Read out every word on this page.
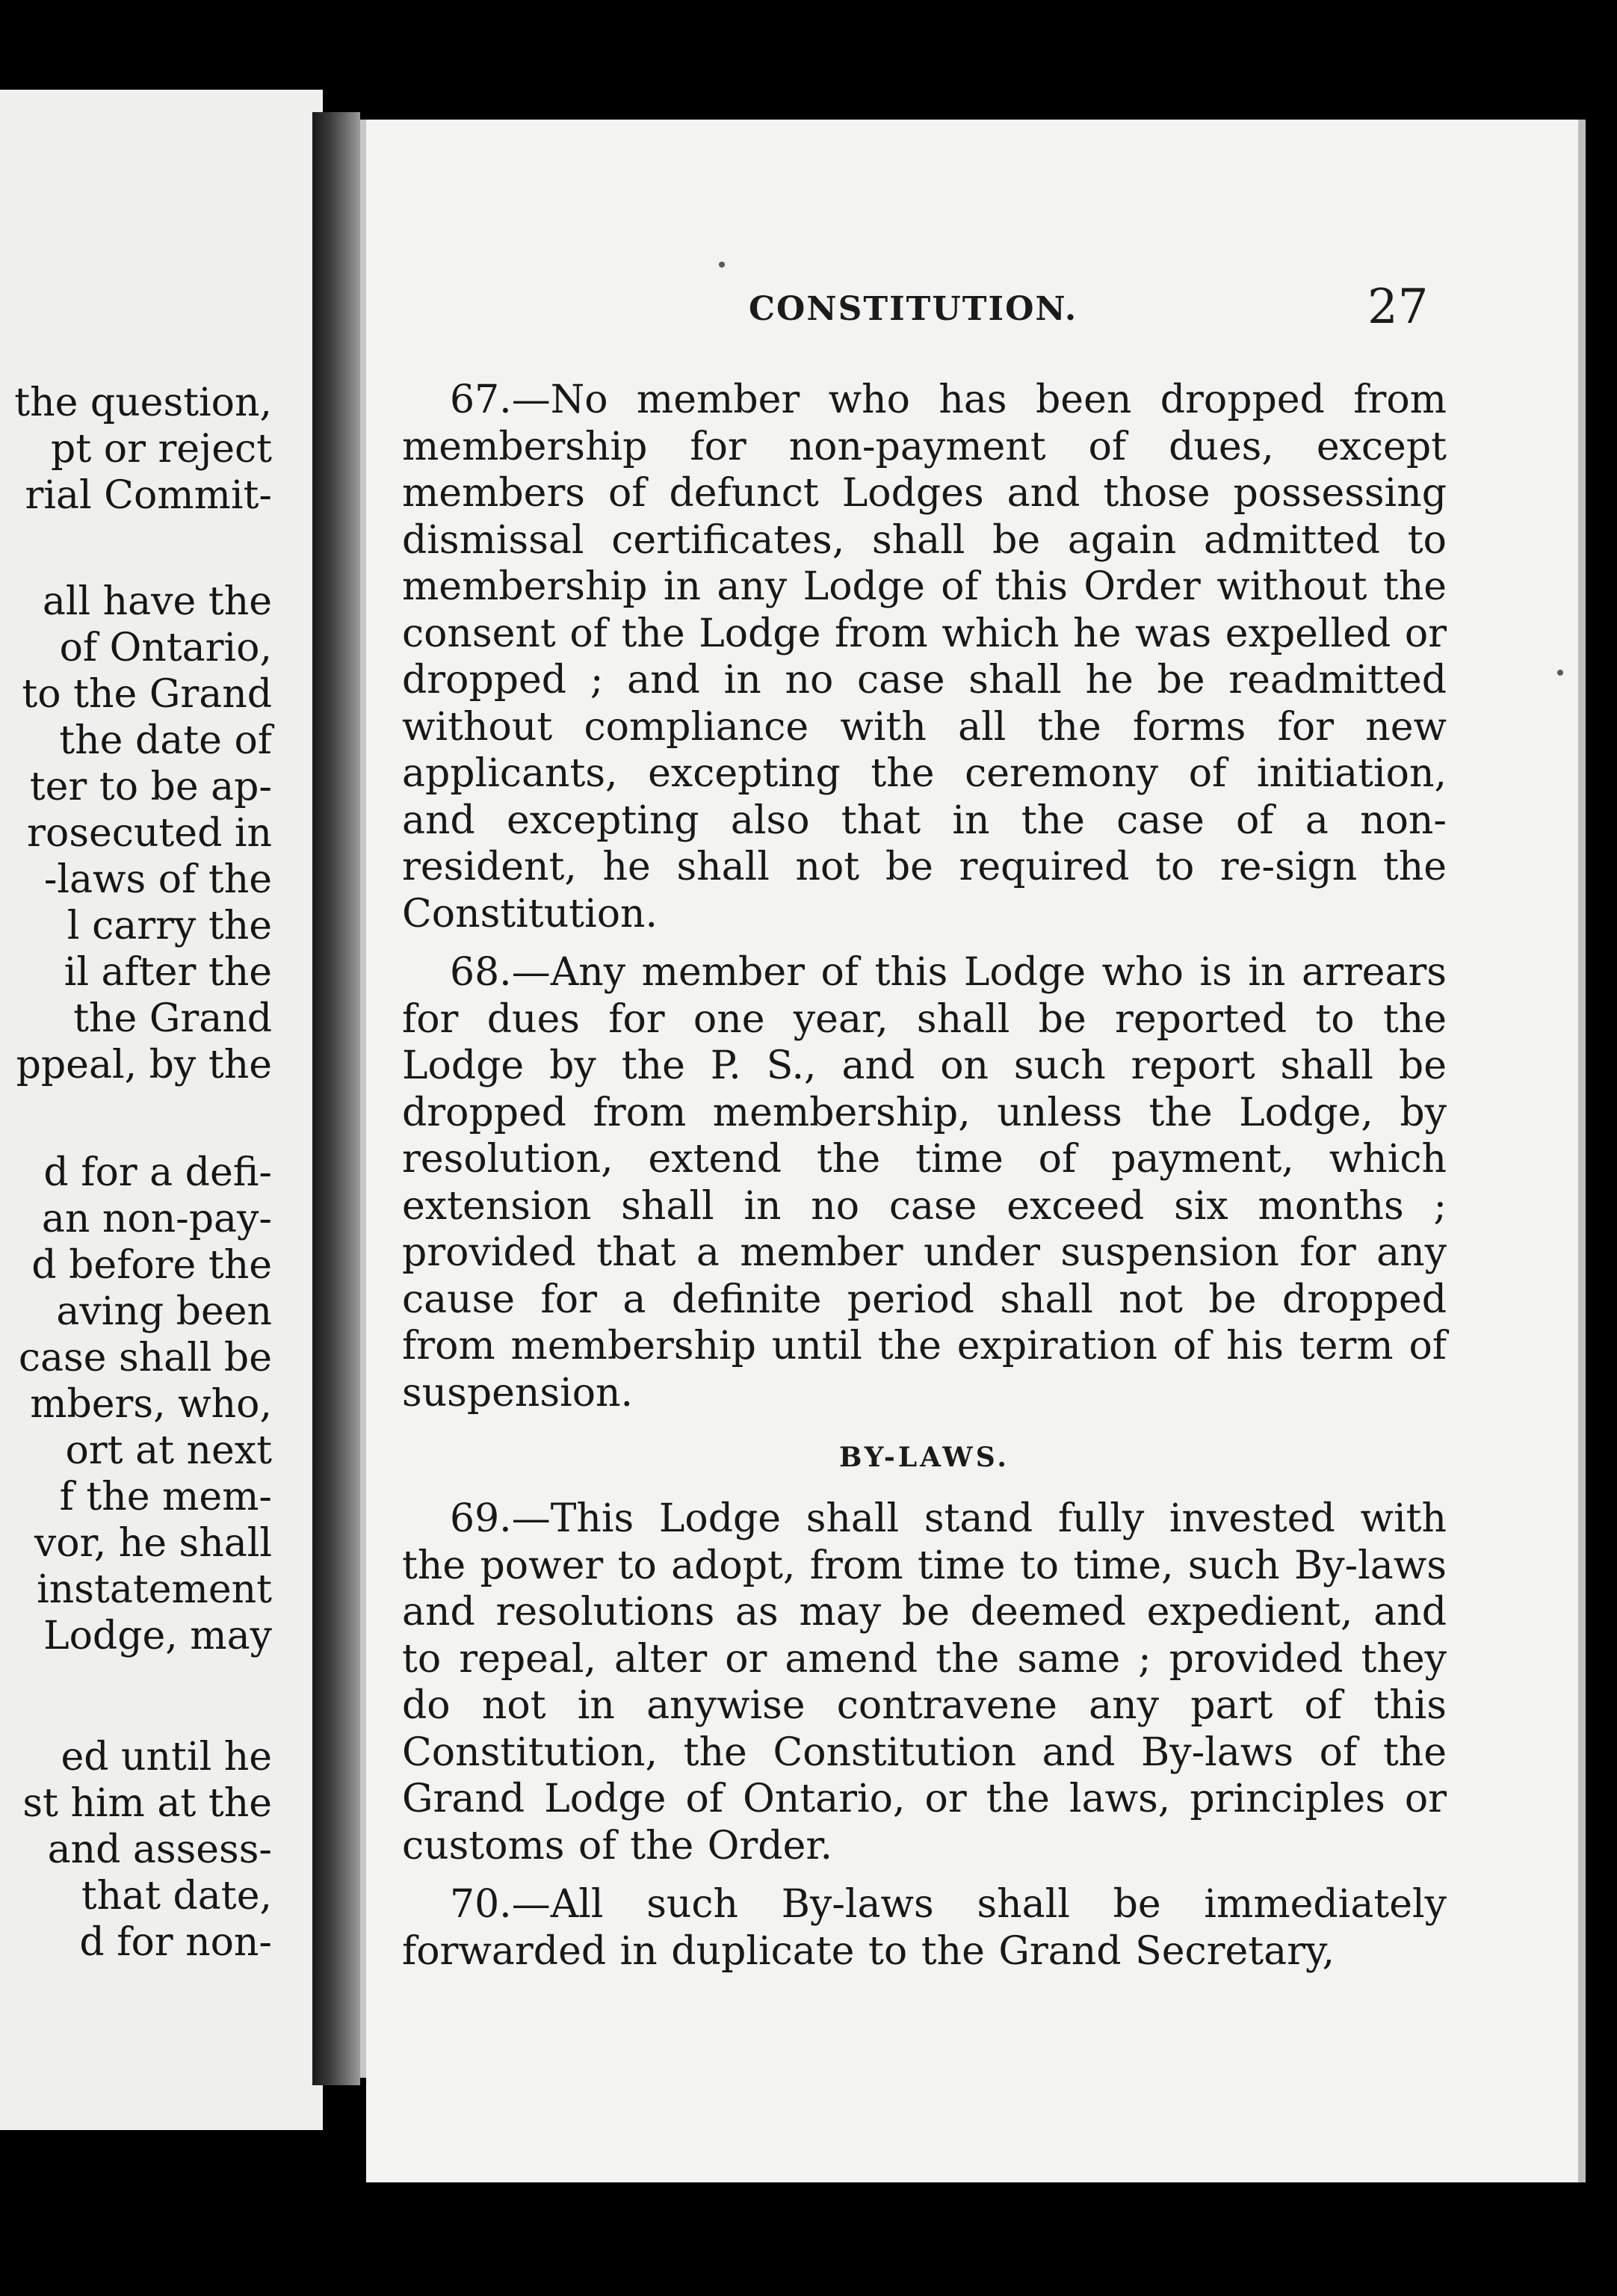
the question,
pt or reject
rial Commit-
all have the
of Ontario,
to the Grand
the date of
ter to be ap-
rosecuted in
-laws of the
l carry the
il after the
the Grand
ppeal, by the
d for a defi-
an non-pay-
d before the
aving been
case shall be
mbers, who,
ort at next
f the mem-
vor, he shall
instatement
Lodge, may
ed until he
st him at the
and assess-
that date,
d for non-
CONSTITUTION.	27

67.—No member who has been dropped from membership for non-payment of dues, except members of defunct Lodges and those possessing dismissal certificates, shall be again admitted to membership in any Lodge of this Order without the consent of the Lodge from which he was expelled or dropped ; and in no case shall he be readmitted without compliance with all the forms for new applicants, excepting the ceremony of initiation, and excepting also that in the case of a non-resident, he shall not be required to re-sign the Constitution.

68.—Any member of this Lodge who is in arrears for dues for one year, shall be reported to the Lodge by the P. S., and on such report shall be dropped from membership, unless the Lodge, by resolution, extend the time of payment, which extension shall in no case exceed six months ; provided that a member under suspension for any cause for a definite period shall not be dropped from membership until the expiration of his term of suspension.

BY-LAWS.

69.—This Lodge shall stand fully invested with the power to adopt, from time to time, such By-laws and resolutions as may be deemed expedient, and to repeal, alter or amend the same ; provided they do not in anywise contravene any part of this Constitution, the Constitution and By-laws of the Grand Lodge of Ontario, or the laws, principles or customs of the Order.

70.—All such By-laws shall be immediately forwarded in duplicate to the Grand Secretary,
